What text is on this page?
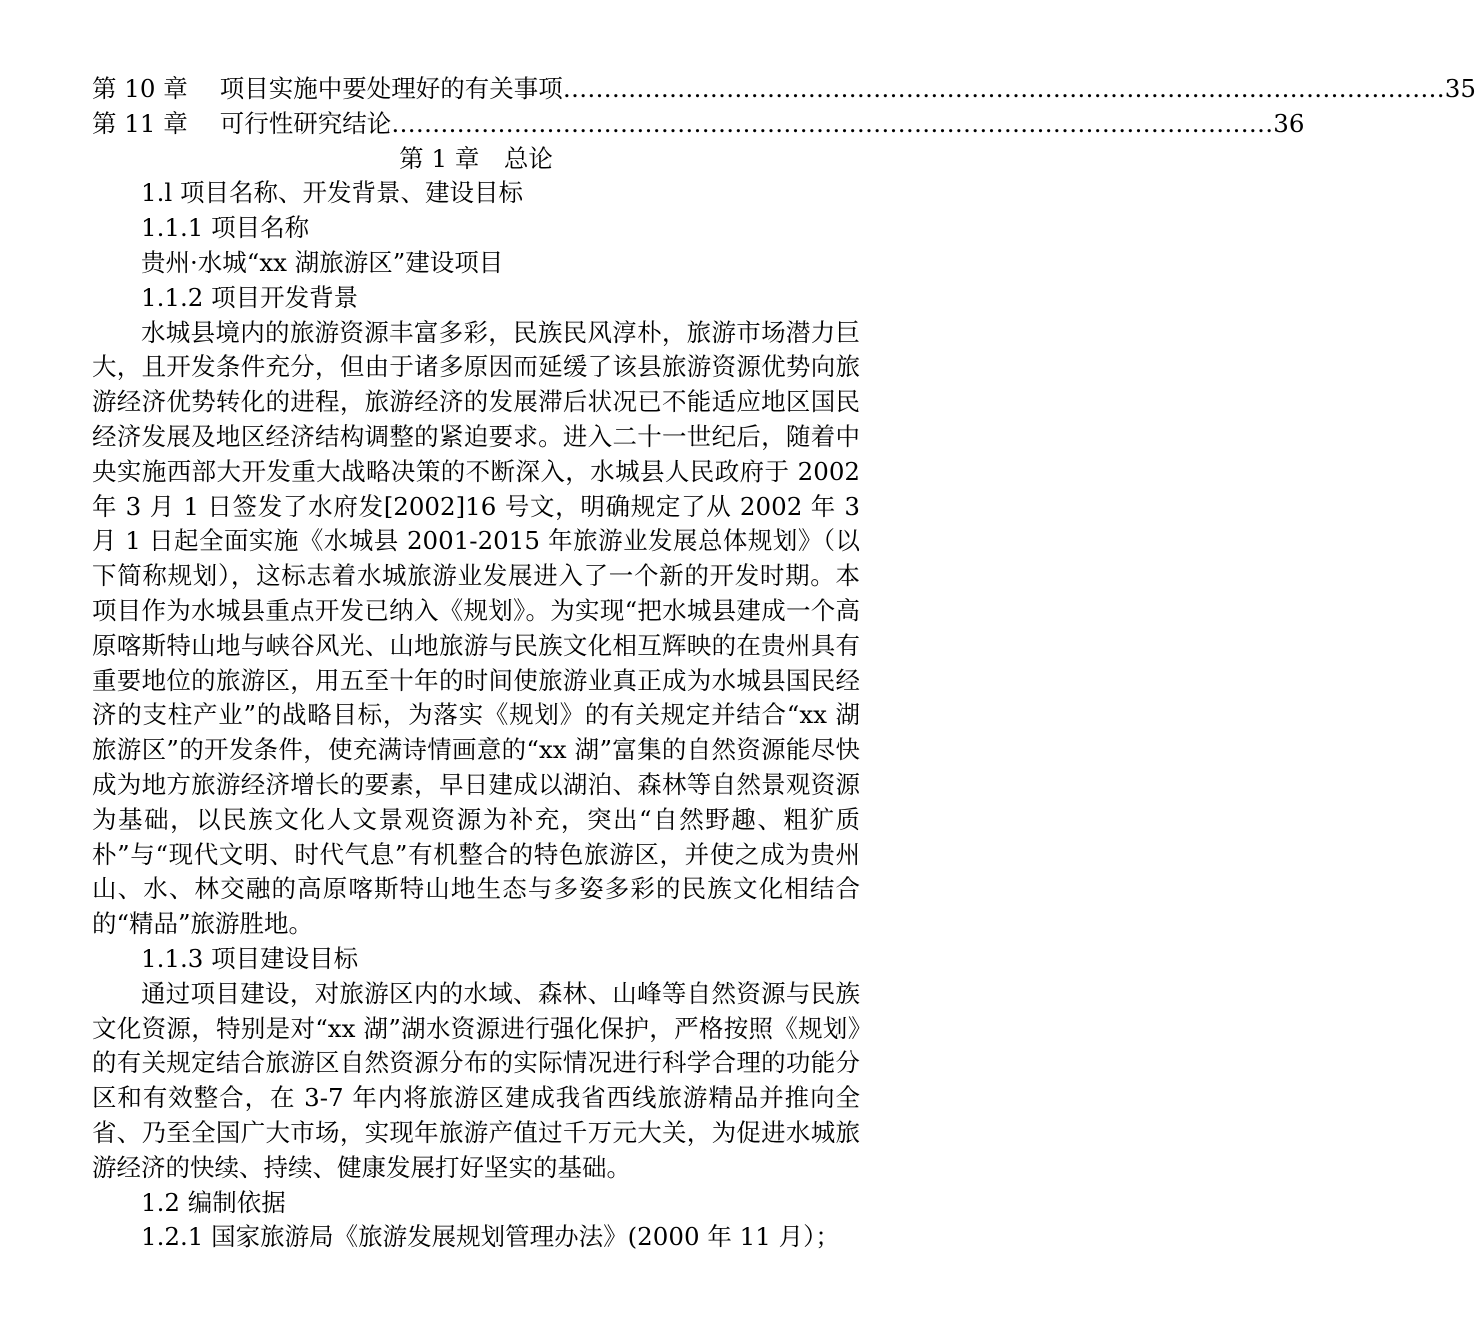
第 10 章 项目实施中要处理好的有关事项 ……………………………………………………………………………………………… 35
第 11 章 可行性研究结论 ……………………………………………………………………………………………… 36
第 1 章　总论
1.l 项目名称、开发背景、建设目标
1.1.1 项目名称
贵州·水城“xx 湖旅游区”建设项目
1.1.2 项目开发背景
水城县境内的旅游资源丰富多彩，民族民风淳朴，旅游市场潜力巨大，且开发条件充分，但由于诸多原因而延缓了该县旅游资源优势向旅游经济优势转化的进程，旅游经济的发展滞后状况已不能适应地区国民经济发展及地区经济结构调整的紧迫要求。进入二十一世纪后，随着中央实施西部大开发重大战略决策的不断深入，水城县人民政府于 2002 年 3 月 1 日签发了水府发[2002]16 号文，明确规定了从 2002 年 3 月 1 日起全面实施《水城县 2001-2015 年旅游业发展总体规划》（以下简称规划），这标志着水城旅游业发展进入了一个新的开发时期。本项目作为水城县重点开发已纳入《规划》。为实现“把水城县建成一个高原喀斯特山地与峡谷风光、山地旅游与民族文化相互辉映的在贵州具有重要地位的旅游区，用五至十年的时间使旅游业真正成为水城县国民经济的支柱产业”的战略目标，为落实《规划》的有关规定并结合“xx 湖旅游区”的开发条件，使充满诗情画意的“xx 湖”富集的自然资源能尽快成为地方旅游经济增长的要素，早日建成以湖泊、森林等自然景观资源为基础，以民族文化人文景观资源为补充，突出“自然野趣、粗犷质朴”与“现代文明、时代气息”有机整合的特色旅游区，并使之成为贵州山、水、林交融的高原喀斯特山地生态与多姿多彩的民族文化相结合的“精品”旅游胜地。
1.1.3 项目建设目标
通过项目建设，对旅游区内的水域、森林、山峰等自然资源与民族文化资源，特别是对“xx 湖”湖水资源进行强化保护，严格按照《规划》的有关规定结合旅游区自然资源分布的实际情况进行科学合理的功能分区和有效整合，在 3-7 年内将旅游区建成我省西线旅游精品并推向全省、乃至全国广大市场，实现年旅游产值过千万元大关，为促进水城旅游经济的快续、持续、健康发展打好坚实的基础。
1.2 编制依据
1.2.1 国家旅游局《旅游发展规划管理办法》(2000 年 11 月）；
